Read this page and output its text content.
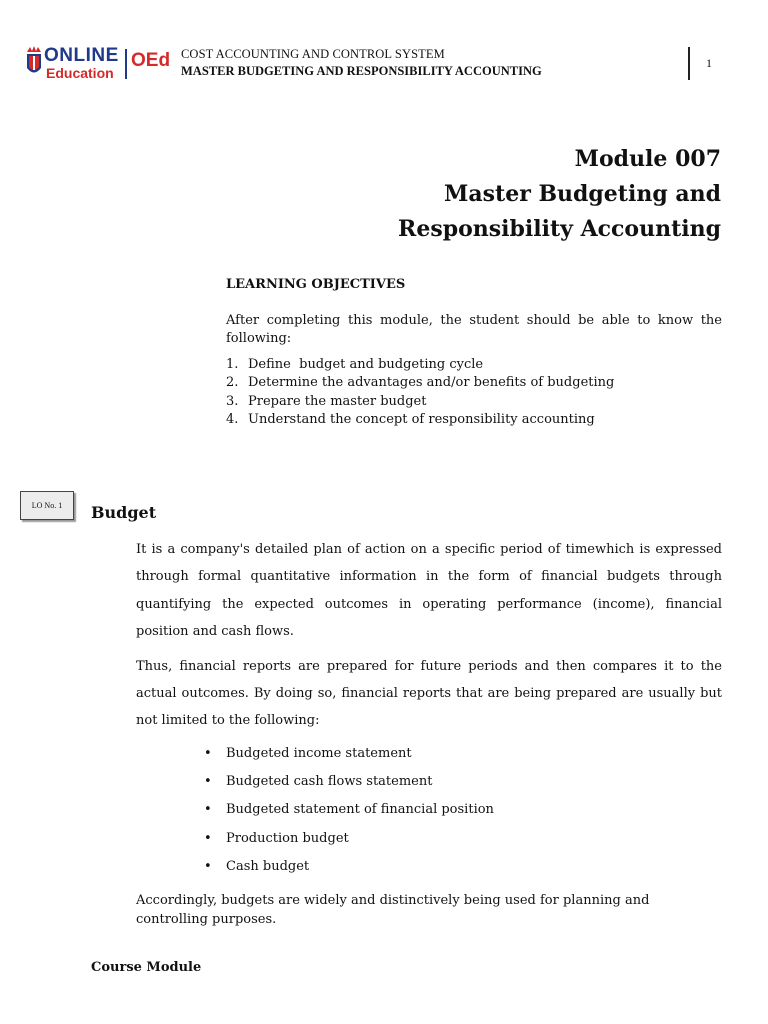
ONLINE
Education
OEd COST ACCOUNTING AND CONTROL SYSTEM
MASTER BUDGETING AND RESPONSIBILITY ACCOUNTING
1
Module 007
Master Budgeting and
Responsibility Accounting
LEARNING OBJECTIVES
After completing this module, the student should be able to know the following:
1. Define  budget and budgeting cycle
2. Determine the advantages and/or benefits of budgeting
3. Prepare the master budget
4. Understand the concept of responsibility accounting
LO No. 1	Budget
It is a company's detailed plan of action on a specific period of timewhich is expressed through formal quantitative information in the form of financial budgets through quantifying the expected outcomes in operating performance (income), financial position and cash flows.
Thus, financial reports are prepared for future periods and then compares it to the actual outcomes. By doing so, financial reports that are being prepared are usually but not limited to the following:
• Budgeted income statement
• Budgeted cash flows statement
• Budgeted statement of financial position
• Production budget
• Cash budget
Accordingly, budgets are widely and distinctively being used for planning and controlling purposes.
Course Module
